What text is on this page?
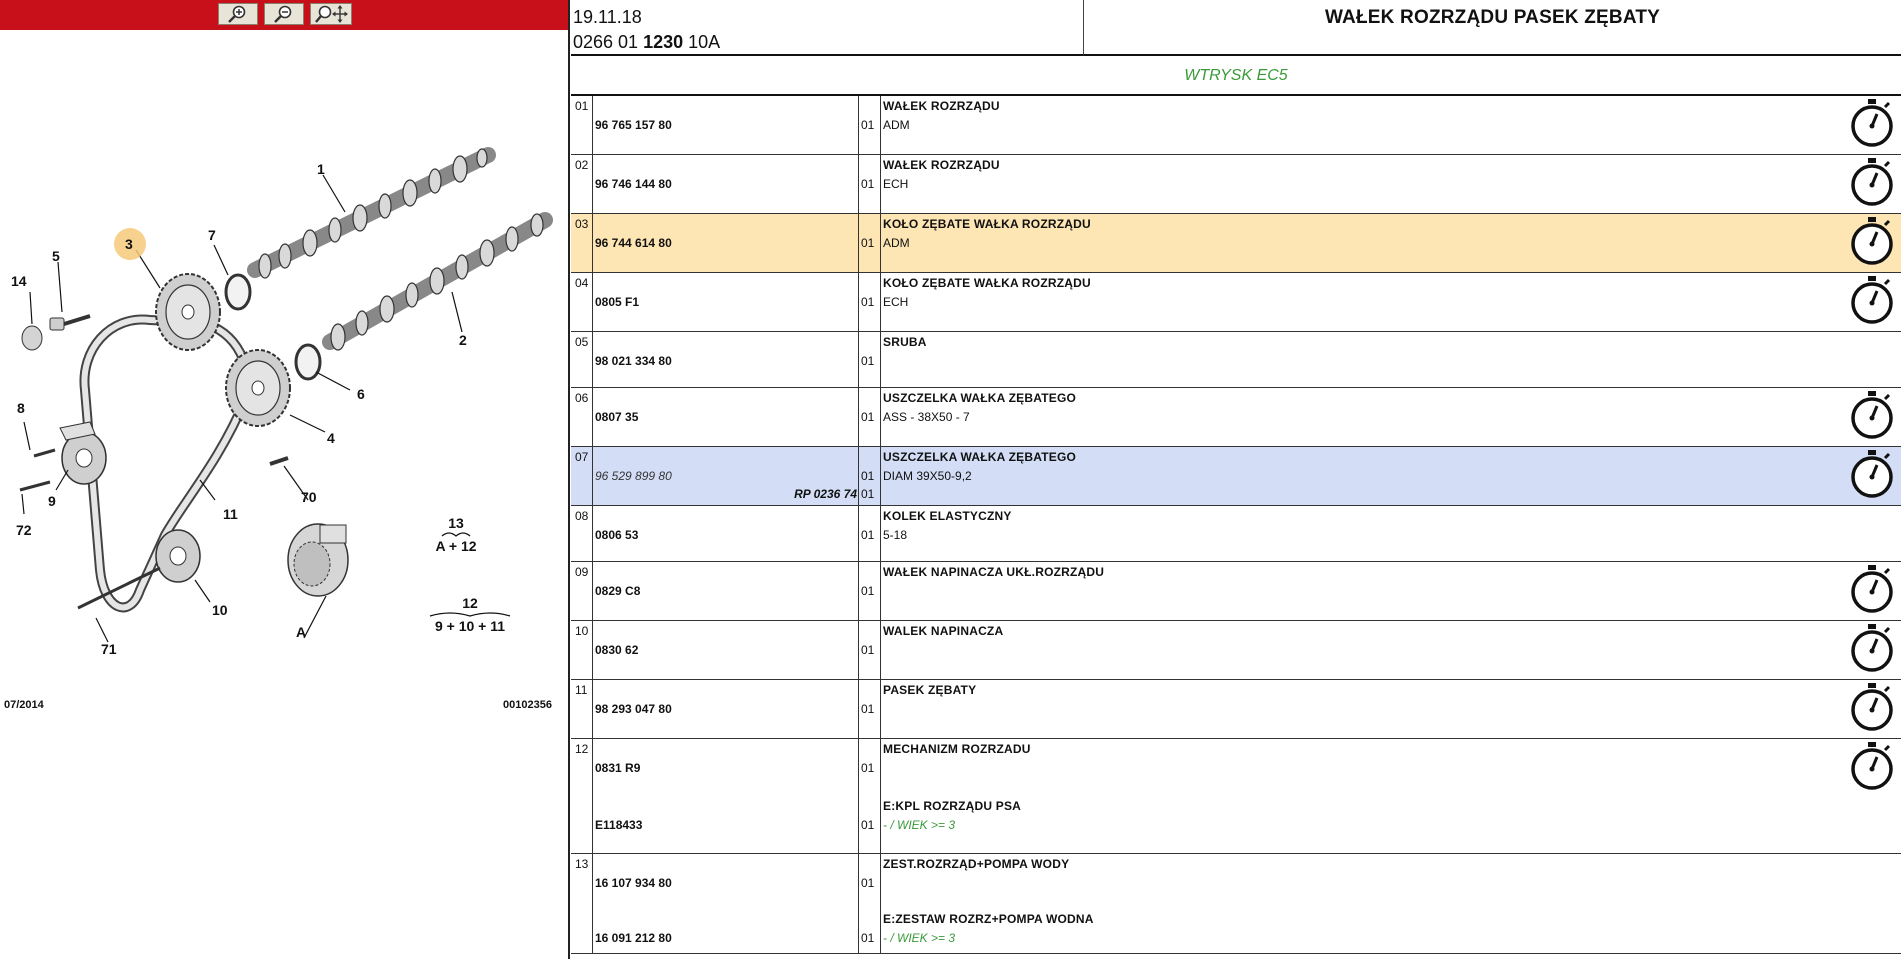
1
2
3
4
5
6
7
8
9
10
11
14
70
71
72
A
13
A + 12
12
9 + 10 + 11
07/2014	00102356
19.11.18
0266 01 1230 10A
WAŁEK ROZRZĄDU PASEK ZĘBATY
WTRYSK EC5
01
96 765 157 80	01
WAŁEK ROZRZĄDU
ADM
02
96 746 144 80	01
WAŁEK ROZRZĄDU
ECH
03
96 744 614 80	01
KOŁO ZĘBATE WAŁKA ROZRZĄDU
ADM
04
0805 F1	01
KOŁO ZĘBATE WAŁKA ROZRZĄDU
ECH
05
98 021 334 80	01
SRUBA
06
0807 35	01
USZCZELKA WAŁKA ZĘBATEGO
ASS - 38X50 - 7
07
96 529 899 80	01
USZCZELKA WAŁKA ZĘBATEGO
DIAM 39X50-9,2
RP 0236 74 01
08
0806 53	01
KOLEK ELASTYCZNY
5-18
09
0829 C8	01
WAŁEK NAPINACZA UKŁ.ROZRZĄDU
10
0830 62	01
WALEK NAPINACZA
11
98 293 047 80	01
PASEK ZĘBATY
12
0831 R9	01
MECHANIZM ROZRZADU
E118433	01
E:KPL ROZRZĄDU PSA
- / WIEK >= 3
13
16 107 934 80	01
ZEST.ROZRZĄD+POMPA WODY
16 091 212 80	01
E:ZESTAW ROZRZ+POMPA WODNA
- / WIEK >= 3
